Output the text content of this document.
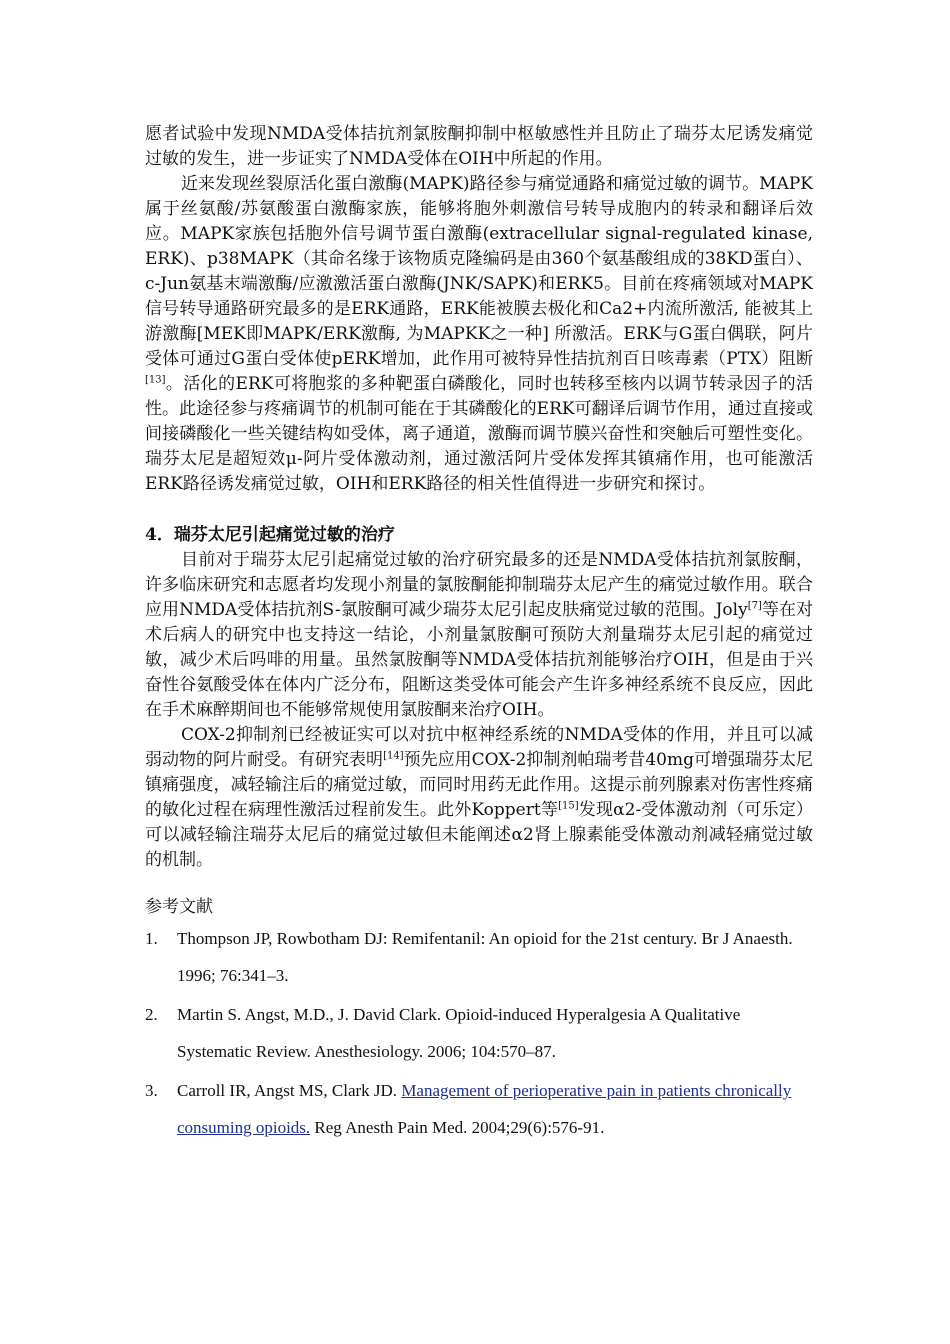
愿者试验中发现NMDA受体拮抗剂氯胺酮抑制中枢敏感性并且防止了瑞芬太尼诱发痛觉过敏的发生，进一步证实了NMDA受体在OIH中所起的作用。

近来发现丝裂原活化蛋白激酶(MAPK)路径参与痛觉通路和痛觉过敏的调节。MAPK属于丝氨酸/苏氨酸蛋白激酶家族，能够将胞外刺激信号转导成胞内的转录和翻译后效应。MAPK家族包括胞外信号调节蛋白激酶(extracellular signal-regulated kinase, ERK)、p38MAPK（其命名缘于该物质克隆编码是由360个氨基酸组成的38KD蛋白）、c-Jun氨基末端激酶/应激激活蛋白激酶(JNK/SAPK)和ERK5。目前在疼痛领域对MAPK信号转导通路研究最多的是ERK通路，ERK能被膜去极化和Ca2+内流所激活, 能被其上游激酶[MEK即MAPK/ERK激酶, 为MAPKK之一种] 所激活。ERK与G蛋白偶联，阿片受体可通过G蛋白受体使pERK增加，此作用可被特异性拮抗剂百日咳毒素（PTX）阻断[13]。活化的ERK可将胞浆的多种靶蛋白磷酸化，同时也转移至核内以调节转录因子的活性。此途径参与疼痛调节的机制可能在于其磷酸化的ERK可翻译后调节作用，通过直接或间接磷酸化一些关键结构如受体，离子通道，激酶而调节膜兴奋性和突触后可塑性变化。瑞芬太尼是超短效μ-阿片受体激动剂，通过激活阿片受体发挥其镇痛作用，也可能激活ERK路径诱发痛觉过敏，OIH和ERK路径的相关性值得进一步研究和探讨。

4．瑞芬太尼引起痛觉过敏的治疗

目前对于瑞芬太尼引起痛觉过敏的治疗研究最多的还是NMDA受体拮抗剂氯胺酮，许多临床研究和志愿者均发现小剂量的氯胺酮能抑制瑞芬太尼产生的痛觉过敏作用。联合应用NMDA受体拮抗剂S-氯胺酮可减少瑞芬太尼引起皮肤痛觉过敏的范围。Joly[7]等在对术后病人的研究中也支持这一结论，小剂量氯胺酮可预防大剂量瑞芬太尼引起的痛觉过敏，减少术后吗啡的用量。虽然氯胺酮等NMDA受体拮抗剂能够治疗OIH，但是由于兴奋性谷氨酸受体在体内广泛分布，阻断这类受体可能会产生许多神经系统不良反应，因此在手术麻醉期间也不能够常规使用氯胺酮来治疗OIH。

COX-2抑制剂已经被证实可以对抗中枢神经系统的NMDA受体的作用，并且可以减弱动物的阿片耐受。有研究表明[14]预先应用COX-2抑制剂帕瑞考昔40mg可增强瑞芬太尼镇痛强度，减轻输注后的痛觉过敏，而同时用药无此作用。这提示前列腺素对伤害性疼痛的敏化过程在病理性激活过程前发生。此外Koppert等[15]发现α2-受体激动剂（可乐定）可以减轻输注瑞芬太尼后的痛觉过敏但未能阐述α2肾上腺素能受体激动剂减轻痛觉过敏的机制。

参考文献
1. Thompson JP, Rowbotham DJ: Remifentanil: An opioid for the 21st century. Br J Anaesth. 1996; 76:341–3.
2. Martin S. Angst, M.D., J. David Clark. Opioid-induced Hyperalgesia A Qualitative Systematic Review. Anesthesiology. 2006; 104:570–87.
3. Carroll IR, Angst MS, Clark JD. Management of perioperative pain in patients chronically consuming opioids. Reg Anesth Pain Med. 2004;29(6):576-91.
